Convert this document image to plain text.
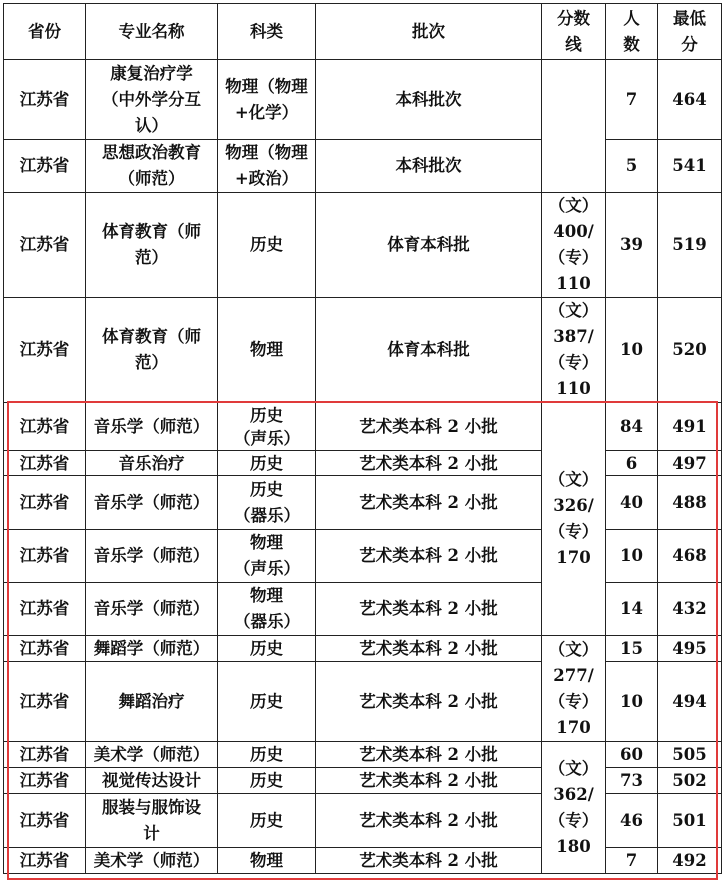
省份	专业名称	科类	批次	分数线	人数	最低分
江苏省	康复治疗学（中外学分互认）	物理（物理+化学）	本科批次		7	464
江苏省	思想政治教育（师范）	物理（物理+政治）	本科批次		5	541
江苏省	体育教育（师范）	历史	体育本科批	（文）400/（专）110	39	519
江苏省	体育教育（师范）	物理	体育本科批	（文）387/（专）110	10	520
江苏省	音乐学（师范）	历史（声乐）	艺术类本科 2 小批	（文）326/（专）170	84	491
江苏省	音乐治疗	历史	艺术类本科 2 小批		6	497
江苏省	音乐学（师范）	历史（器乐）	艺术类本科 2 小批		40	488
江苏省	音乐学（师范）	物理（声乐）	艺术类本科 2 小批		10	468
江苏省	音乐学（师范）	物理（器乐）	艺术类本科 2 小批		14	432
江苏省	舞蹈学（师范）	历史	艺术类本科 2 小批	（文）277/（专）170	15	495
江苏省	舞蹈治疗	历史	艺术类本科 2 小批		10	494
江苏省	美术学（师范）	历史	艺术类本科 2 小批	（文）362/（专）180	60	505
江苏省	视觉传达设计	历史	艺术类本科 2 小批		73	502
江苏省	服装与服饰设计	历史	艺术类本科 2 小批		46	501
江苏省	美术学（师范）	物理	艺术类本科 2 小批		7	492
